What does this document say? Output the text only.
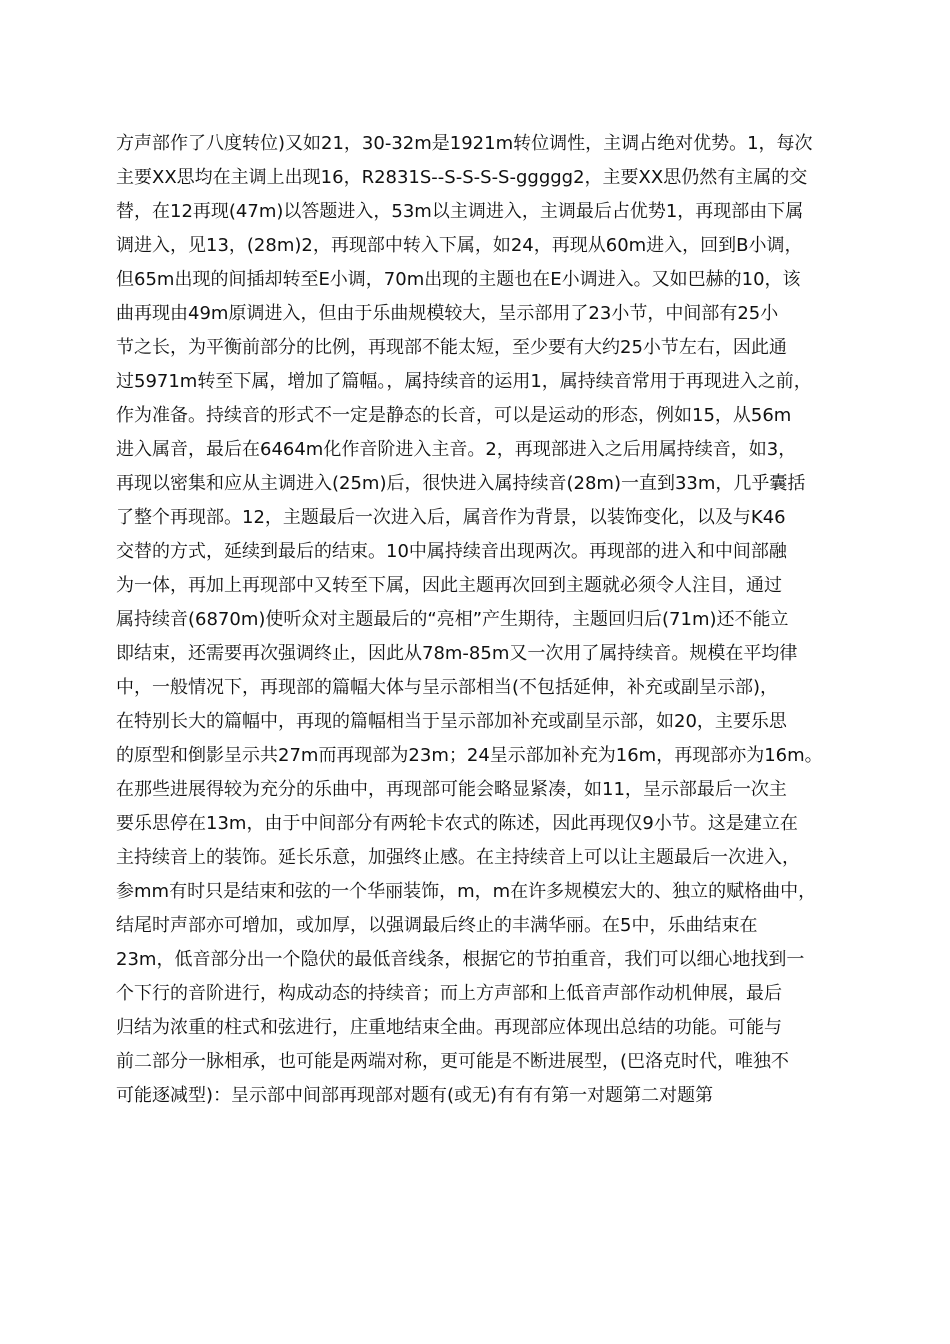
方声部作了八度转位)又如21，30-32m是1921m转位调性，主调占绝对优势。1，每次
主要XX思均在主调上出现16，R2831S--S-S-S-S-ggggg2，主要XX思仍然有主属的交
替，在12再现(47m)以答题进入，53m以主调进入，主调最后占优势1，再现部由下属
调进入，见13，(28m)2，再现部中转入下属，如24，再现从60m进入，回到B小调，
但65m出现的间插却转至E小调，70m出现的主题也在E小调进入。又如巴赫的10，该
曲再现由49m原调进入，但由于乐曲规模较大，呈示部用了23小节，中间部有25小
节之长，为平衡前部分的比例，再现部不能太短，至少要有大约25小节左右，因此通
过5971m转至下属，增加了篇幅。，属持续音的运用1，属持续音常用于再现进入之前，
作为准备。持续音的形式不一定是静态的长音，可以是运动的形态，例如15，从56m
进入属音，最后在6464m化作音阶进入主音。2，再现部进入之后用属持续音，如3，
再现以密集和应从主调进入(25m)后，很快进入属持续音(28m)一直到33m，几乎囊括
了整个再现部。12，主题最后一次进入后，属音作为背景，以装饰变化，以及与K46
交替的方式，延续到最后的结束。10中属持续音出现两次。再现部的进入和中间部融
为一体，再加上再现部中又转至下属，因此主题再次回到主题就必须令人注目，通过
属持续音(6870m)使听众对主题最后的“亮相”产生期待，主题回归后(71m)还不能立
即结束，还需要再次强调终止，因此从78m-85m又一次用了属持续音。规模在平均律
中，一般情况下，再现部的篇幅大体与呈示部相当(不包括延伸，补充或副呈示部)，
在特别长大的篇幅中，再现的篇幅相当于呈示部加补充或副呈示部，如20，主要乐思
的原型和倒影呈示共27m而再现部为23m；24呈示部加补充为16m，再现部亦为16m。
在那些进展得较为充分的乐曲中，再现部可能会略显紧凑，如11，呈示部最后一次主
要乐思停在13m，由于中间部分有两轮卡农式的陈述，因此再现仅9小节。这是建立在
主持续音上的装饰。延长乐意，加强终止感。在主持续音上可以让主题最后一次进入，
参mm有时只是结束和弦的一个华丽装饰，m，m在许多规模宏大的、独立的赋格曲中，
结尾时声部亦可增加，或加厚，以强调最后终止的丰满华丽。在5中，乐曲结束在
23m，低音部分出一个隐伏的最低音线条，根据它的节拍重音，我们可以细心地找到一
个下行的音阶进行，构成动态的持续音；而上方声部和上低音声部作动机伸展，最后
归结为浓重的柱式和弦进行，庄重地结束全曲。再现部应体现出总结的功能。可能与
前二部分一脉相承，也可能是两端对称，更可能是不断进展型，(巴洛克时代，唯独不
可能逐减型)：呈示部中间部再现部对题有(或无)有有有第一对题第二对题第
